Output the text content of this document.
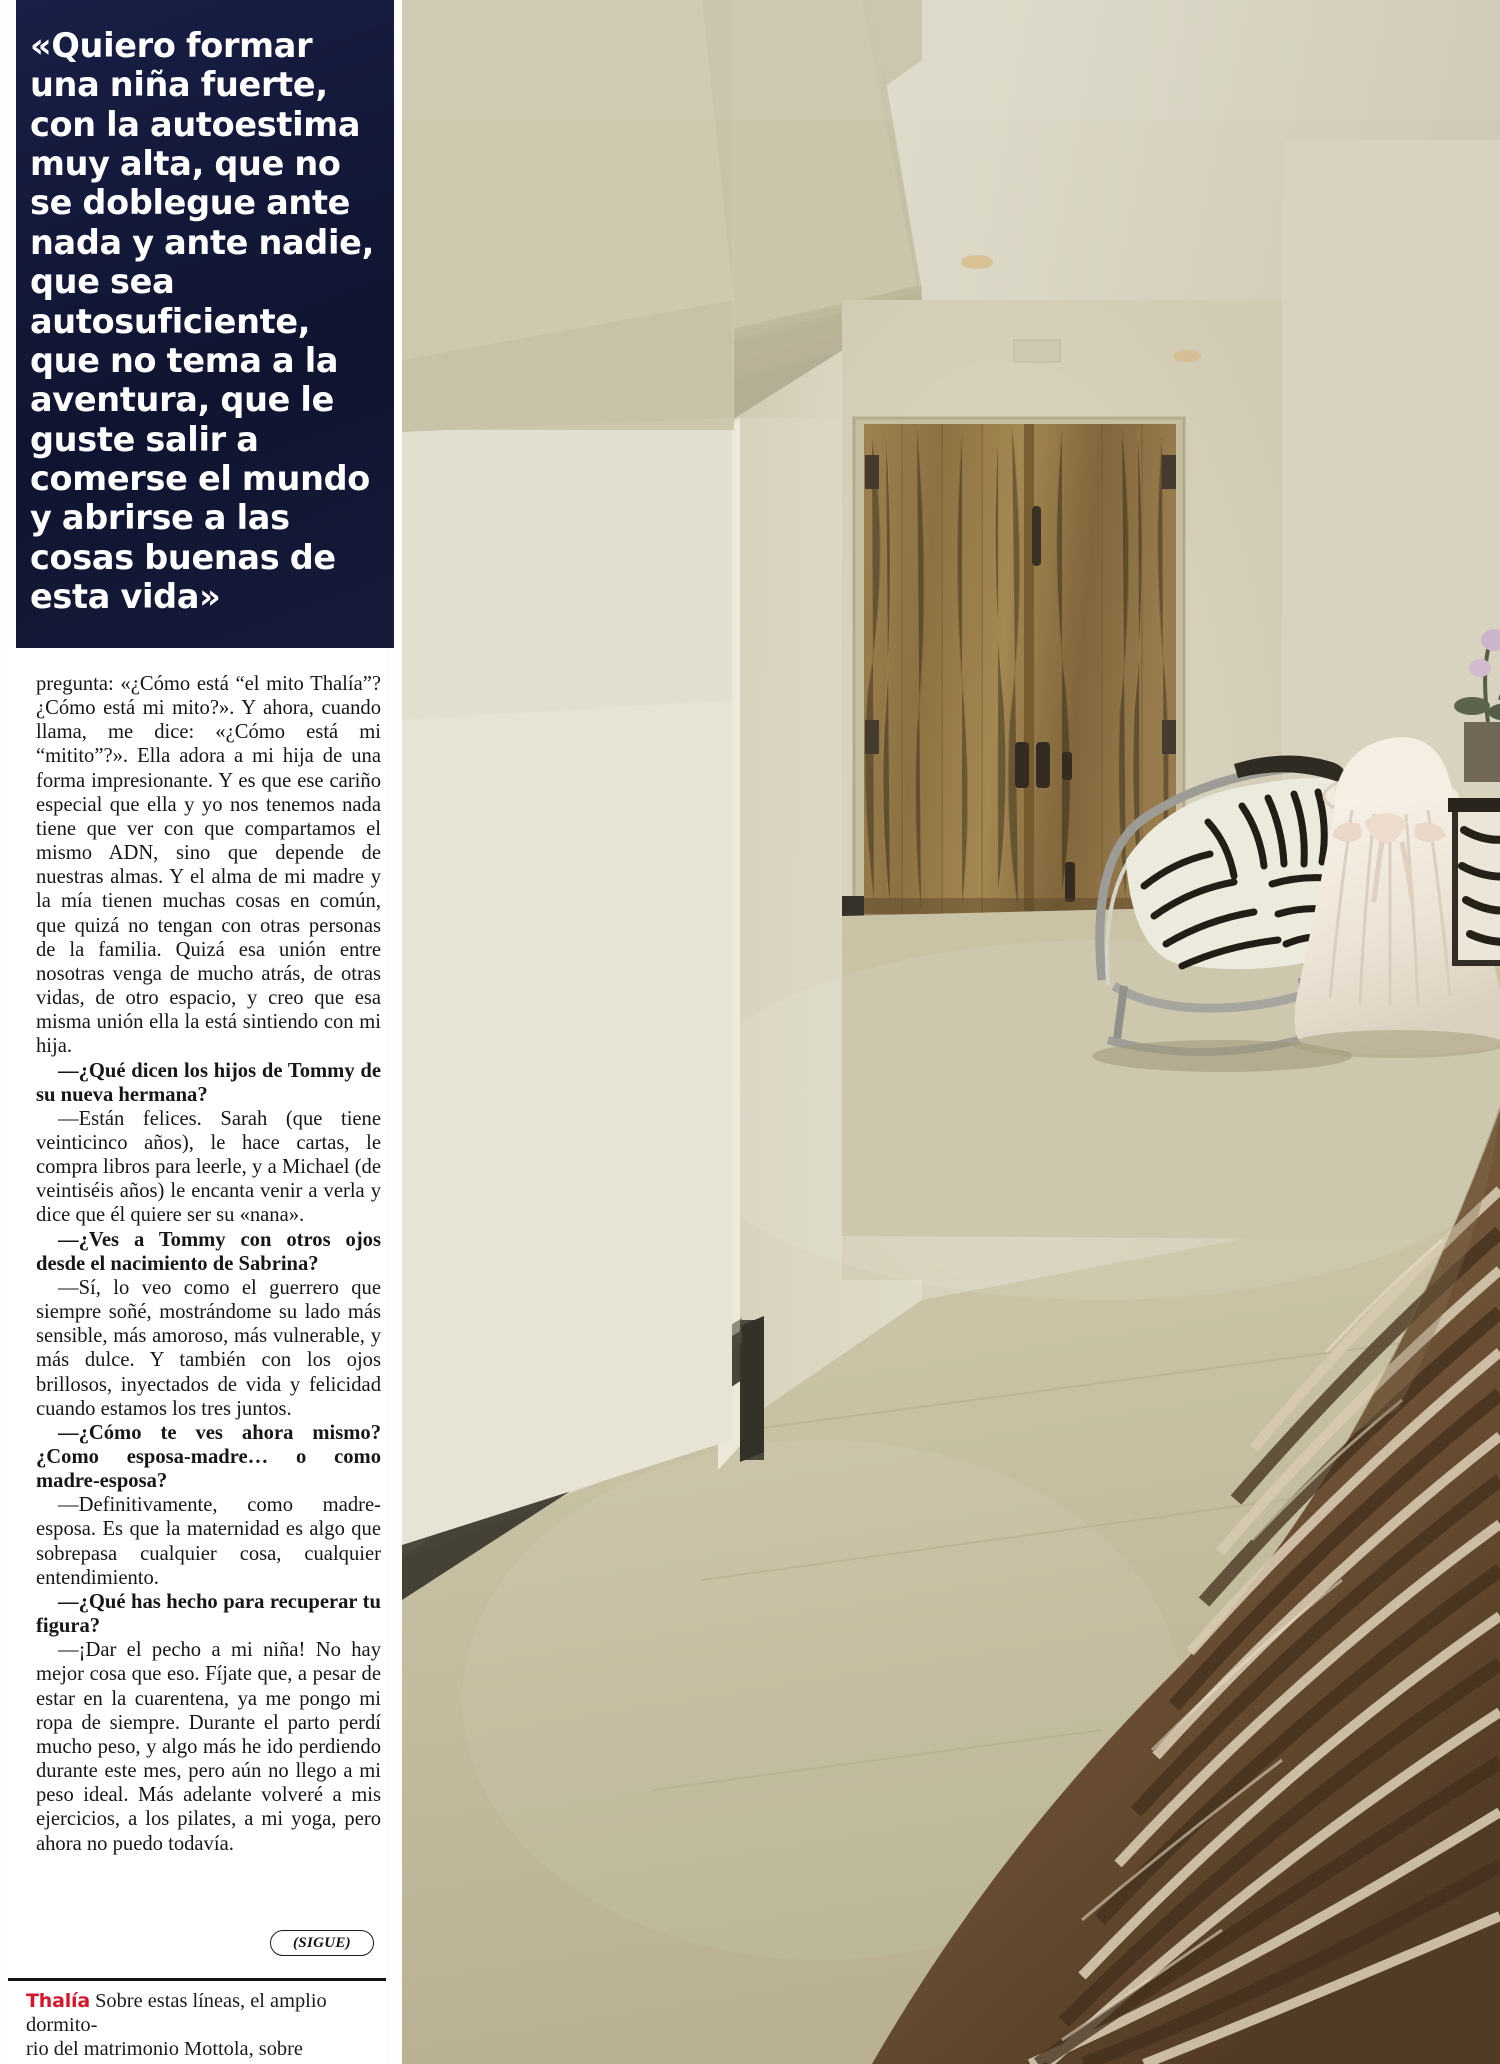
«Quiero formar una niña fuerte, con la autoestima muy alta, que no se doblegue ante nada y ante nadie, que sea autosuficiente, que no tema a la aventura, que le guste salir a comerse el mundo y abrirse a las cosas buenas de esta vida»

pregunta: «¿Cómo está “el mito Thalía”? ¿Cómo está mi mito?». Y ahora, cuando llama, me dice: «¿Cómo está mi “mitito”?». Ella adora a mi hija de una forma impresionante. Y es que ese cariño especial que ella y yo nos tenemos nada tiene que ver con que compartamos el mismo ADN, sino que depende de nuestras almas. Y el alma de mi madre y la mía tienen muchas cosas en común, que quizá no tengan con otras personas de la familia. Quizá esa unión entre nosotras venga de mucho atrás, de otras vidas, de otro espacio, y creo que esa misma unión ella la está sintiendo con mi hija.

—¿Qué dicen los hijos de Tommy de su nueva hermana?

—Están felices. Sarah (que tiene veinticinco años), le hace cartas, le compra libros para leerle, y a Michael (de veintiséis años) le encanta venir a verla y dice que él quiere ser su «nana».

—¿Ves a Tommy con otros ojos desde el nacimiento de Sabrina?

—Sí, lo veo como el guerrero que siempre soñé, mostrándome su lado más sensible, más amoroso, más vulnerable, y más dulce. Y también con los ojos brillosos, inyectados de vida y felicidad cuando estamos los tres juntos.

—¿Cómo te ves ahora mismo? ¿Como esposa-madre… o como madre-esposa?

—Definitivamente, como madre-esposa. Es que la maternidad es algo que sobrepasa cualquier cosa, cualquier entendimiento.

—¿Qué has hecho para recuperar tu figura?

—¡Dar el pecho a mi niña! No hay mejor cosa que eso. Fíjate que, a pesar de estar en la cuarentena, ya me pongo mi ropa de siempre. Durante el parto perdí mucho peso, y algo más he ido perdiendo durante este mes, pero aún no llego a mi peso ideal. Más adelante volveré a mis ejercicios, a los pilates, a mi yoga, pero ahora no puedo todavía.

(SIGUE)
Thalía Sobre estas líneas, el amplio dormito-
rio del matrimonio Mottola, sobre
